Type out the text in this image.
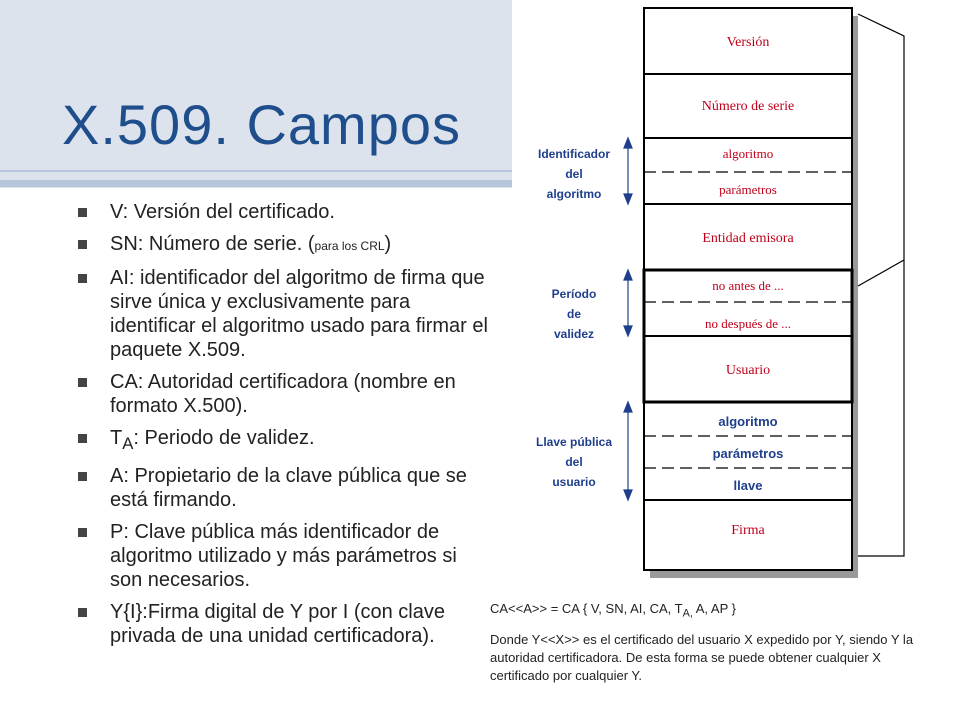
X.509. Campos
V: Versión del certificado.
SN: Número de serie. (para los CRL)
AI: identificador del algoritmo de firma que sirve única y exclusivamente para identificar el algoritmo usado para firmar el paquete X.509.
CA: Autoridad certificadora (nombre en formato X.500).
$T_A$: Periodo de validez.
A: Propietario de la clave pública que se está firmando.
P: Clave pública más identificador de algoritmo utilizado y más parámetros si son necesarios.
Y{I}:Firma digital de Y por I (con clave privada de una unidad certificadora).
Versión
Número de serie
algoritmo
parámetros
Entidad emisora
no antes de ...
no después de ...
Usuario
Firma
algoritmo
parámetros
llave
Identificador
del
algoritmo
Período
de
validez
Llave pública
del
usuario

CA<<A>> = CA { V, SN, AI, CA, $T_{A,}$ A, AP }

Donde Y<<X>> es el certificado del usuario X expedido por Y, siendo Y la autoridad certificadora. De esta forma se puede obtener cualquier X certificado por cualquier Y.
